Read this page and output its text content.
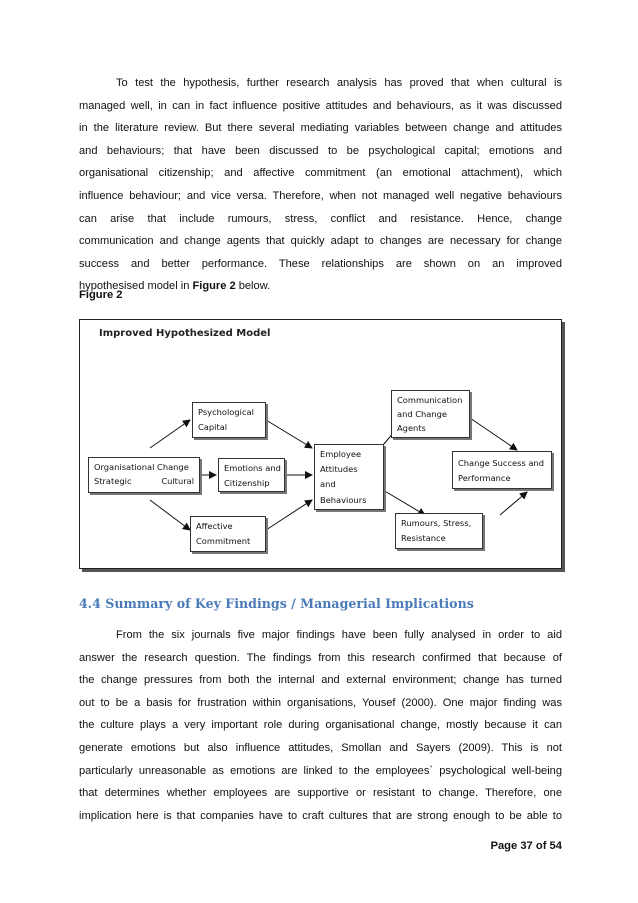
To test the hypothesis, further research analysis has proved that when cultural is
managed well, in can in fact influence positive attitudes and behaviours, as it was discussed
in the literature review. But there several mediating variables between change and attitudes
and behaviours; that have been discussed to be psychological capital; emotions and
organisational citizenship; and affective commitment (an emotional attachment), which
influence behaviour; and vice versa. Therefore, when not managed well negative behaviours
can arise that include rumours, stress, conflict and resistance. Hence, change
communication and change agents that quickly adapt to changes are necessary for change
success and better performance. These relationships are shown on an improved
hypothesised model in Figure 2 below.

Figure 2

Improved Hypothesized Model
Organisational Change
Strategic	Cultural
Psychological
Capital
Emotions and
Citizenship
Affective
Commitment
Employee
Attitudes
and
Behaviours
Communication
and Change
Agents
Change Success and
Performance
Rumours, Stress,
Resistance
4.4 Summary of Key Findings / Managerial Implications
From the six journals five major findings have been fully analysed in order to aid
answer the research question. The findings from this research confirmed that because of
the change pressures from both the internal and external environment; change has turned
out to be a basis for frustration within organisations, Yousef (2000). One major finding was
the culture plays a very important role during organisational change, mostly because it can
generate emotions but also influence attitudes, Smollan and Sayers (2009). This is not
particularly unreasonable as emotions are linked to the employees` psychological well-being
that determines whether employees are supportive or resistant to change. Therefore, one
implication here is that companies have to craft cultures that are strong enough to be able to

Page 37 of 54
